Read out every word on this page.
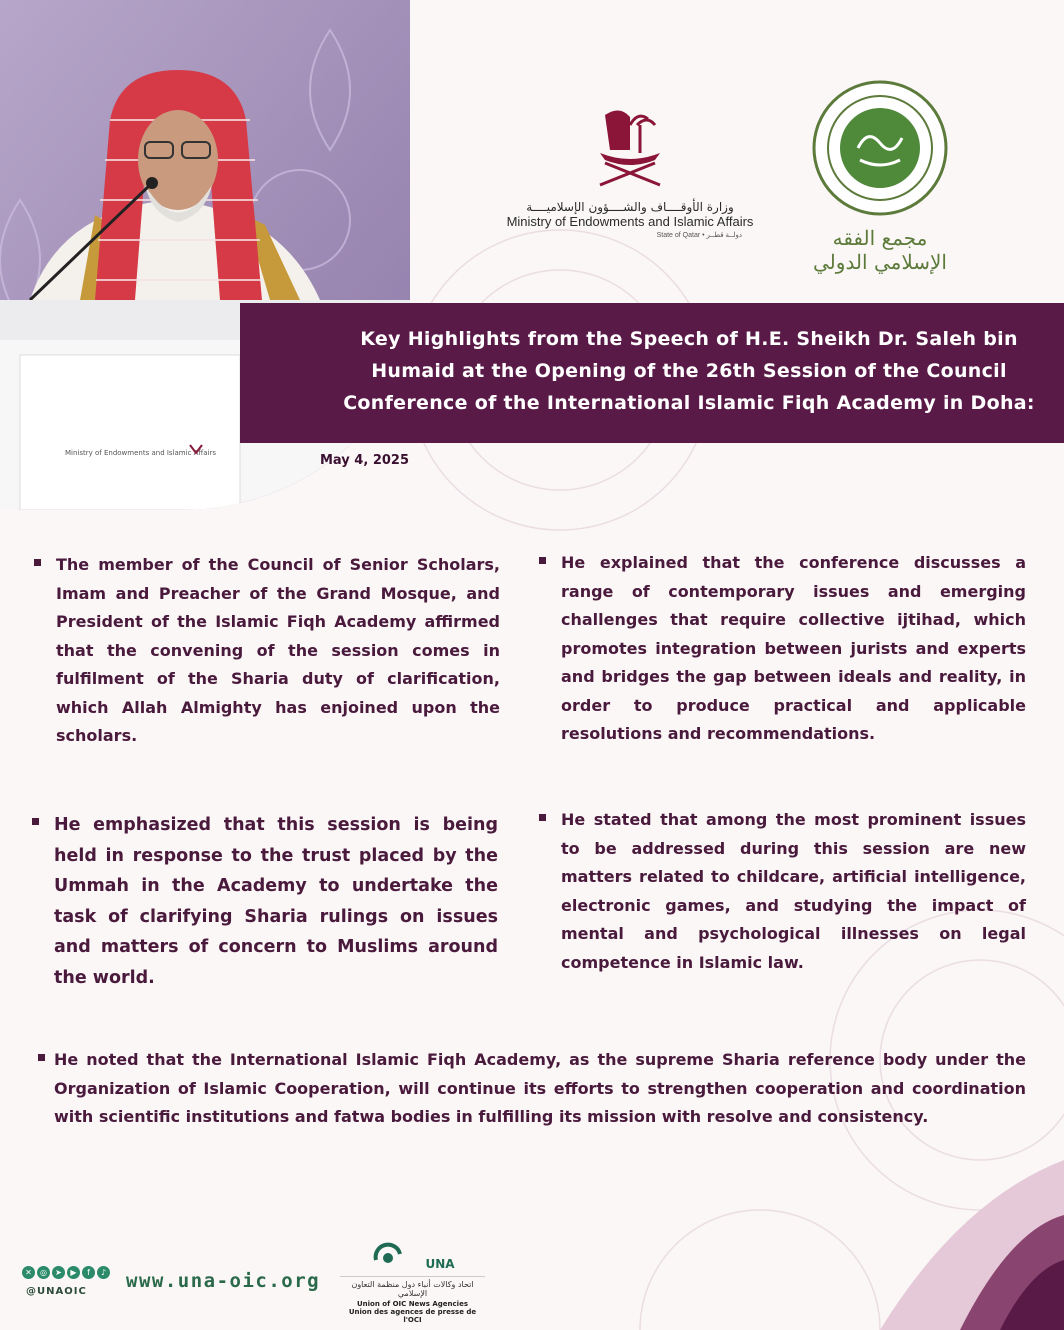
Ministry of Endowments and Islamic Affairs
وزارة الأوقــــاف والشــــؤون الإسلاميــــة
Ministry of Endowments and Islamic Affairs
State of Qatar • دولــة قطــر	مجمع الفقه الإسلامي الدولي
Key Highlights from the Speech of H.E. Sheikh Dr. Saleh bin Humaid at the Opening of the 26th Session of the Council Conference of the International Islamic Fiqh Academy in Doha:
May 4, 2025
The member of the Council of Senior Scholars, Imam and Preacher of the Grand Mosque, and President of the Islamic Fiqh Academy affirmed that the convening of the session comes in fulfilment of the Sharia duty of clarification, which Allah Almighty has enjoined upon the scholars.
He explained that the conference discusses a range of contemporary issues and emerging challenges that require collective ijtihad, which promotes integration between jurists and experts and bridges the gap between ideals and reality, in order to produce practical and applicable resolutions and recommendations.
He emphasized that this session is being held in response to the trust placed by the Ummah in the Academy to undertake the task of clarifying Sharia rulings on issues and matters of concern to Muslims around the world.
He stated that among the most prominent issues to be addressed during this session are new matters related to childcare, artificial intelligence, electronic games, and studying the impact of mental and psychological illnesses on legal competence in Islamic law.
He noted that the International Islamic Fiqh Academy, as the supreme Sharia reference body under the Organization of Islamic Cooperation, will continue its efforts to strengthen cooperation and coordination with scientific institutions and fatwa bodies in fulfilling its mission with resolve and consistency.
✕	◎	➤	▶	f	♪
@UNAOIC www.una-oic.org
UNA
اتحاد وكالات أنباء دول منظمة التعاون الإسلامي
Union of OIC News Agencies
Union des agences de presse de l'OCI
